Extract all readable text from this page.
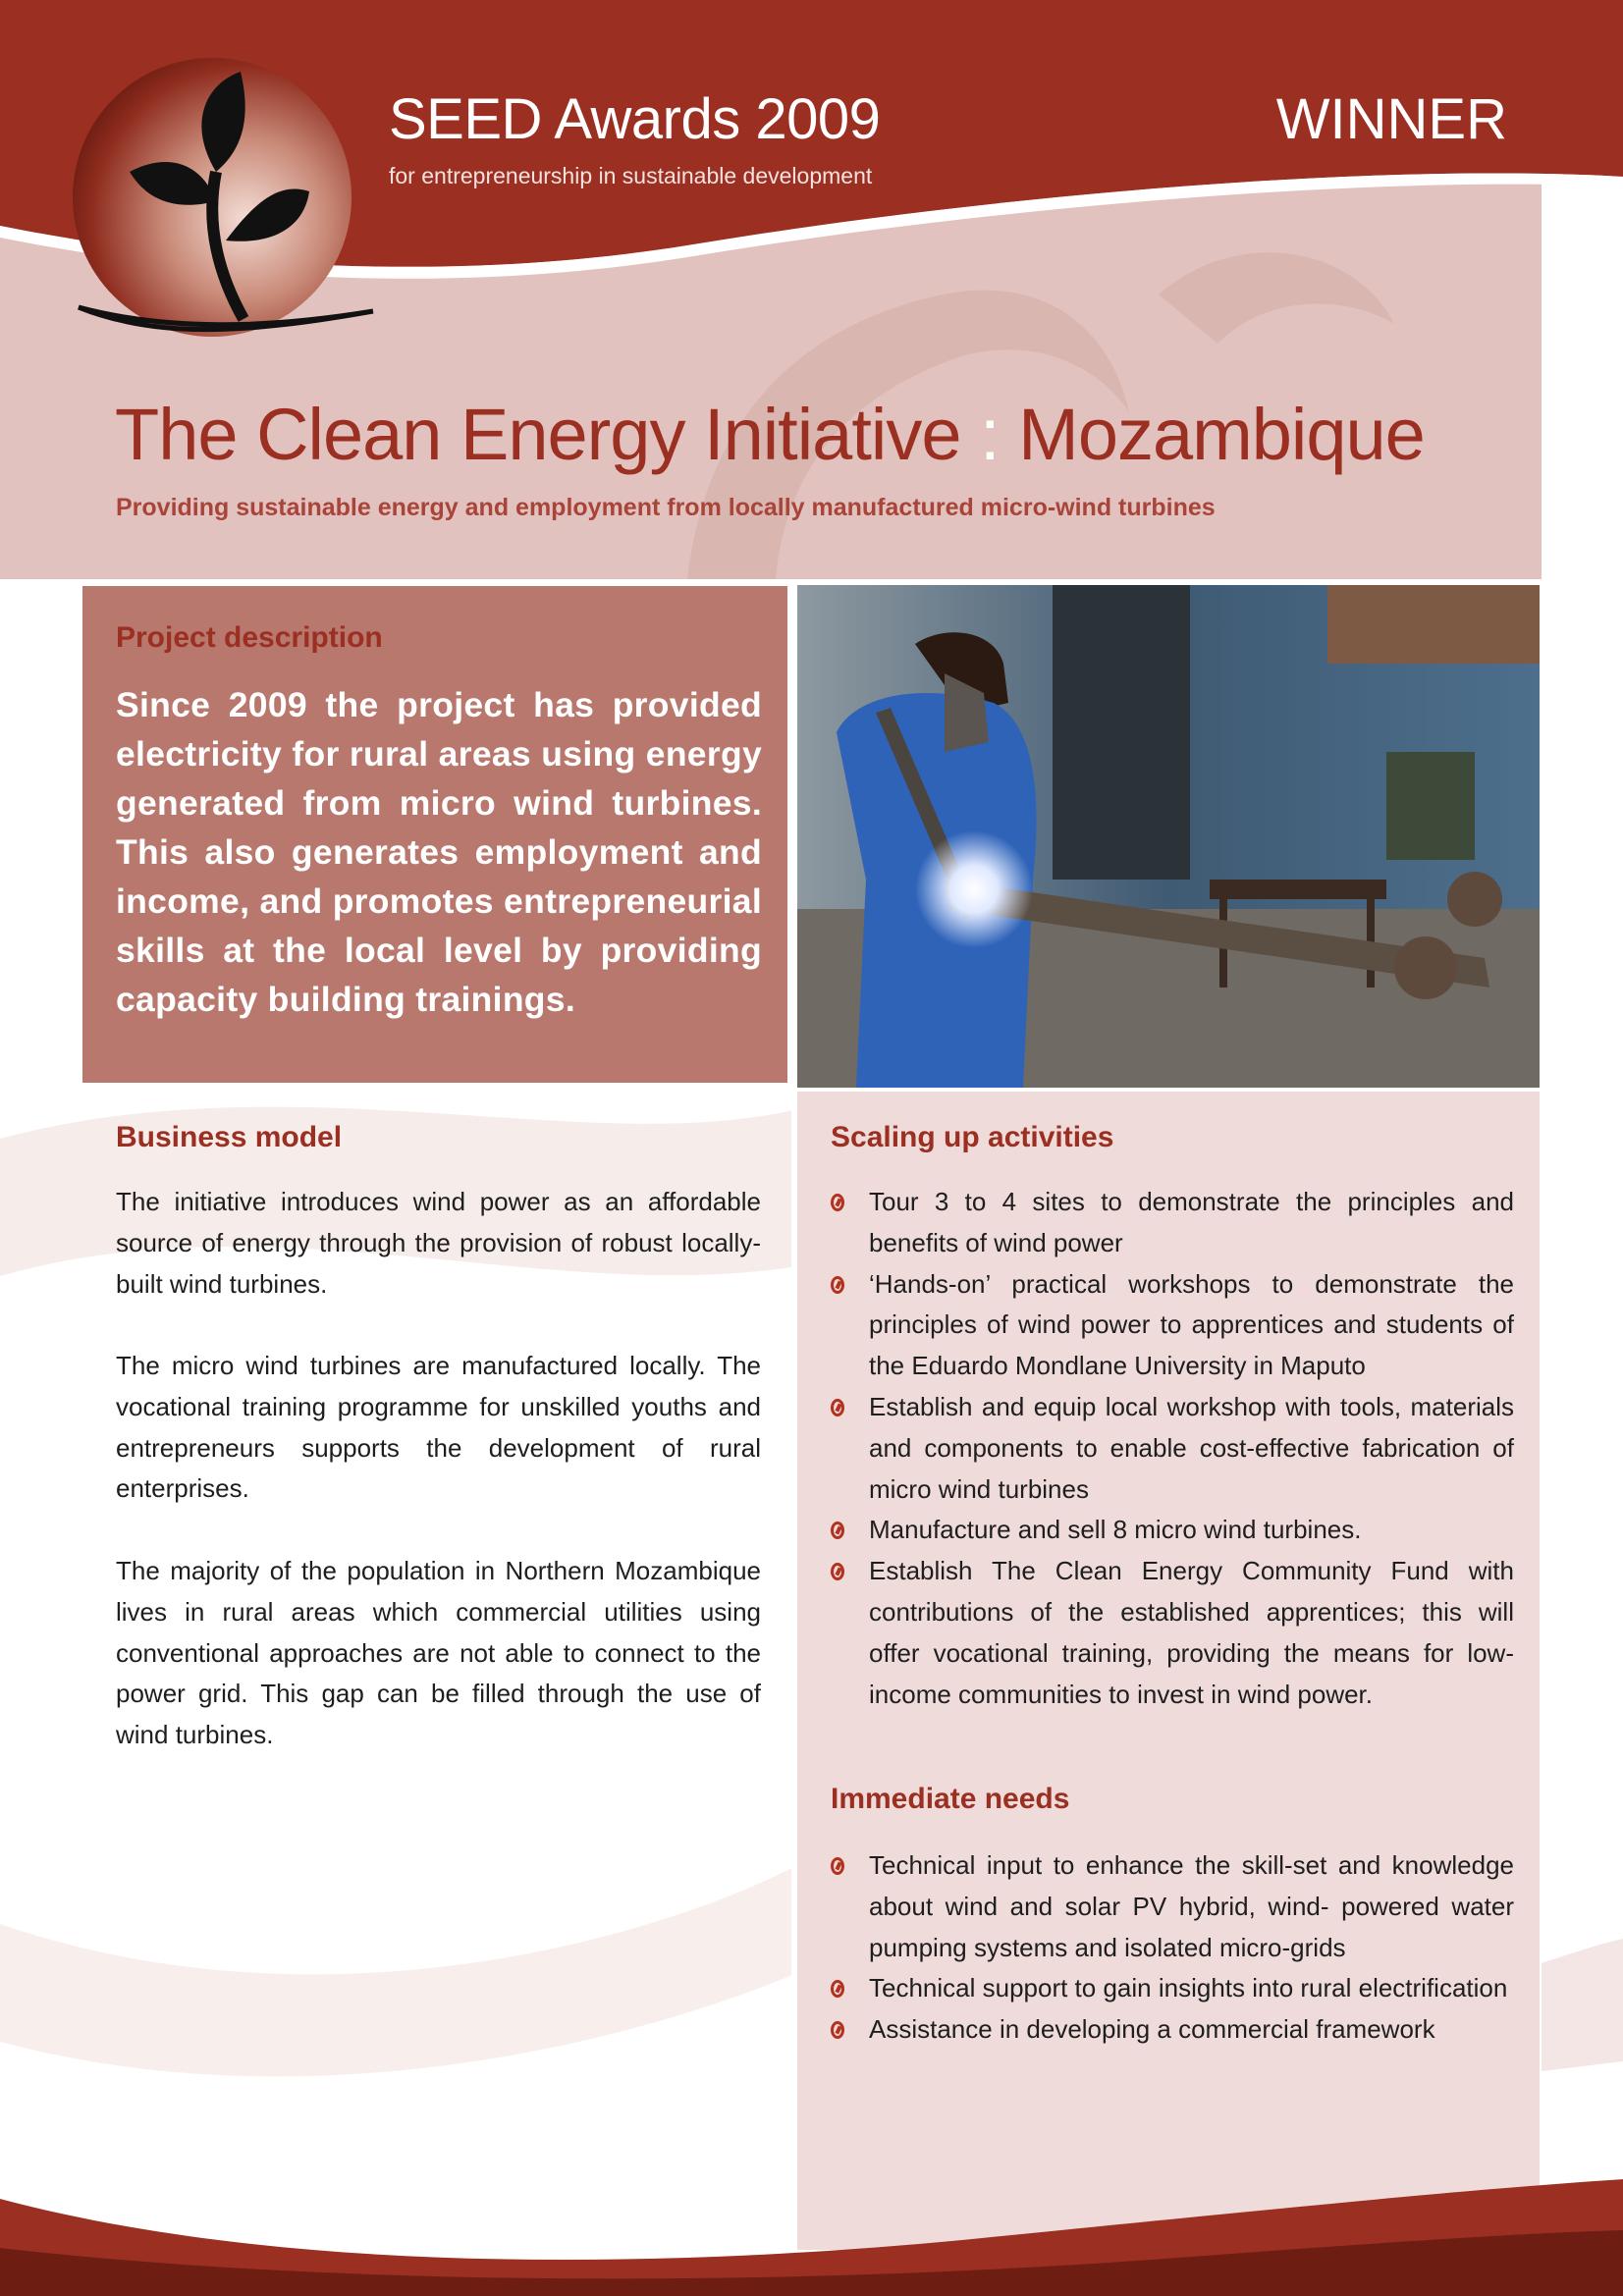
SEED Awards 2009
for entrepreneurship in sustainable development
WINNER
The Clean Energy Initiative : Mozambique
Providing sustainable energy and employment from locally manufactured micro-wind turbines
Project description
Since 2009 the project has provided electricity for rural areas using energy generated from micro wind turbines. This also generates employment and income, and promotes entrepreneurial skills at the local level by providing capacity building trainings.
Business model
The initiative introduces wind power as an affordable source of energy through the provision of robust locally-built wind turbines.
The micro wind turbines are manufactured locally. The vocational training programme for unskilled youths and entrepreneurs supports the development of rural enterprises.
The majority of the population in Northern Mozambique lives in rural areas which commercial utilities using conventional approaches are not able to connect to the power grid. This gap can be filled through the use of wind turbines.
Scaling up activities
Tour 3 to 4 sites to demonstrate the principles and benefits of wind power
‘Hands-on’ practical workshops to demonstrate the principles of wind power to apprentices and students of the Eduardo Mondlane University in Maputo
Establish and equip local workshop with tools, materials and components to enable cost-effective fabrication of micro wind turbines
Manufacture and sell 8 micro wind turbines.
Establish The Clean Energy Community Fund with contributions of the established apprentices; this will offer vocational training, providing the means for low-income communities to invest in wind power.
Immediate needs
Technical input to enhance the skill-set and knowledge about wind and solar PV hybrid, wind- powered water pumping systems and isolated micro-grids
Technical support to gain insights into rural electrification
Assistance in developing a commercial framework
